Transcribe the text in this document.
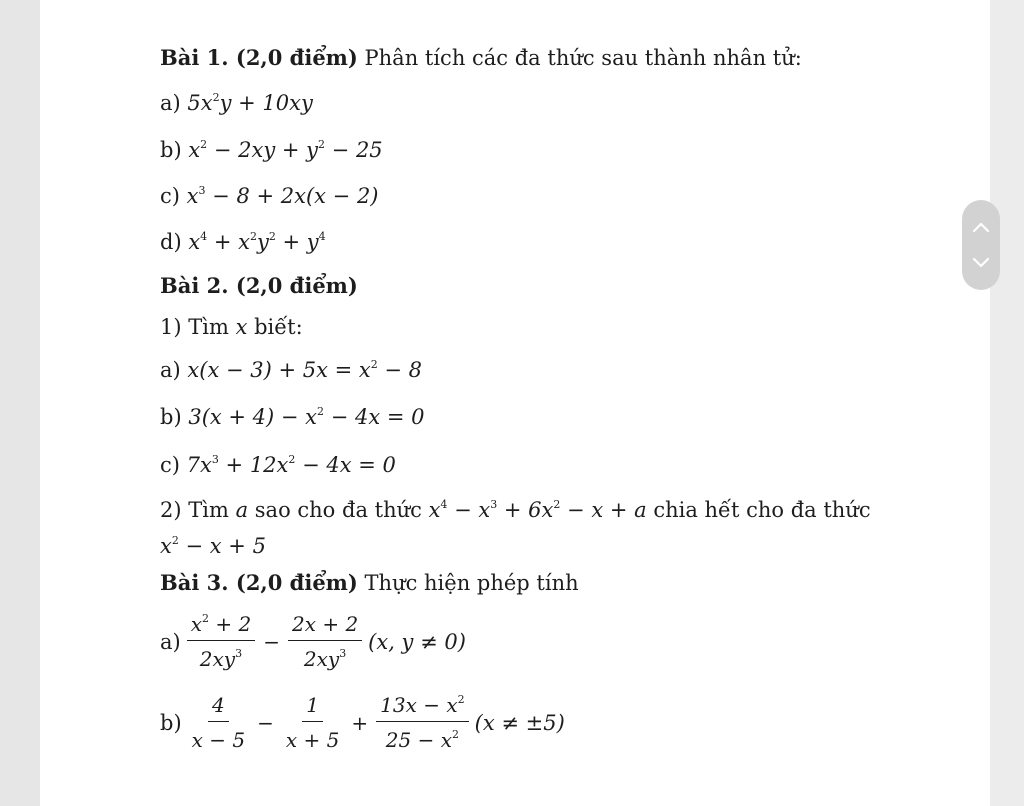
Bài 1. (2,0 điểm) Phân tích các đa thức sau thành nhân tử:
a) $5x^2y + 10xy$
b) $x^2 - 2xy + y^2 - 25$
c) $x^3 - 8 + 2x(x - 2)$
d) $x^4 + x^2y^2 + y^4$
Bài 2. (2,0 điểm)
1) Tìm x biết:
a) $x(x - 3) + 5x = x^2 - 8$
b) $3(x + 4) - x^2 - 4x = 0$
c) $7x^3 + 12x^2 - 4x = 0$
2) Tìm a sao cho đa thức $x^4 - x^3 + 6x^2 - x + a$ chia hết cho đa thức
$x^2 - x + 5$
Bài 3. (2,0 điểm) Thực hiện phép tính
$a) \frac{x^2 + 2}{2xy^3} - \frac{2x + 2}{2xy^3} (x$, y ≠ 0)
$b) \frac{4}{x - 5} - \frac{1}{x + 5} + \frac{13x - x^2}{25 - x^2} (x \ne \pm 5)$
